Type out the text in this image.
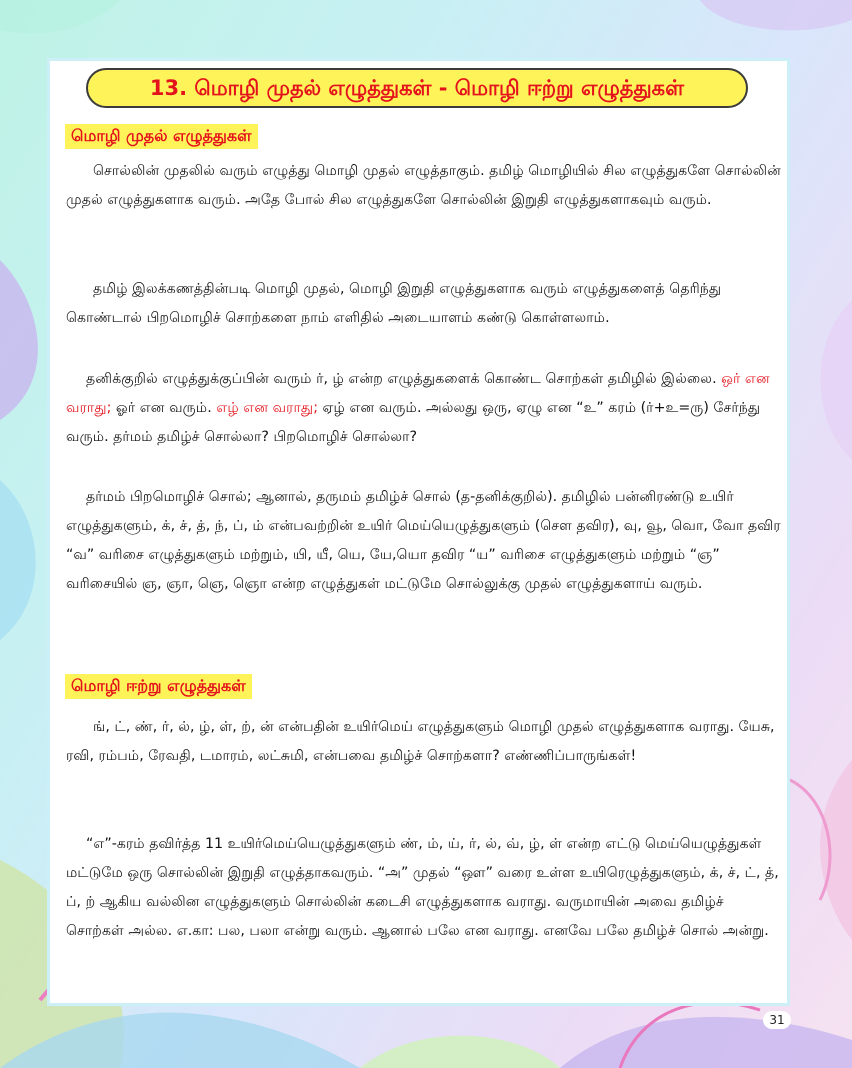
13. மொழி முதல் எழுத்துகள் - மொழி ஈற்று எழுத்துகள்
மொழி முதல் எழுத்துகள்

சொல்லின் முதலில் வரும் எழுத்து மொழி முதல் எழுத்தாகும். தமிழ் மொழியில் சில எழுத்துகளே சொல்லின் முதல் எழுத்துகளாக வரும். அதே போல் சில எழுத்துகளே சொல்லின் இறுதி எழுத்துகளாகவும் வரும்.

தமிழ் இலக்கணத்தின்படி மொழி முதல், மொழி இறுதி எழுத்துகளாக வரும் எழுத்துகளைத் தெரிந்து கொண்டால் பிறமொழிச் சொற்களை நாம் எளிதில் அடையாளம் கண்டு கொள்ளலாம்.

தனிக்குறில் எழுத்துக்குப்பின் வரும் ர், ழ் என்ற எழுத்துகளைக் கொண்ட சொற்கள் தமிழில் இல்லை. ஒர் என வராது; ஓர் என வரும். எழ் என வராது; ஏழ் என வரும். அல்லது ஒரு, ஏழு என “உ” கரம் (ர்+உ=ரு) சேர்ந்து வரும். தர்மம் தமிழ்ச் சொல்லா? பிறமொழிச் சொல்லா?

தர்மம் பிறமொழிச் சொல்; ஆனால், தருமம் தமிழ்ச் சொல் (த-தனிக்குறில்). தமிழில் பன்னிரண்டு உயிர் எழுத்துகளும், க், ச், த், ந், ப், ம் என்பவற்றின் உயிர் மெய்யெழுத்துகளும் (சௌ தவிர), வு, வூ, வொ, வோ தவிர “வ” வரிசை எழுத்துகளும் மற்றும், யி, யீ, யெ, யே,யொ தவிர “ய” வரிசை எழுத்துகளும் மற்றும் “ஞ” வரிசையில் ஞ, ஞா, ஞெ, ஞொ என்ற எழுத்துகள் மட்டுமே சொல்லுக்கு முதல் எழுத்துகளாய் வரும்.

மொழி ஈற்று எழுத்துகள்

ங், ட், ண், ர், ல், ழ், ள், ற், ன் என்பதின் உயிர்மெய் எழுத்துகளும் மொழி முதல் எழுத்துகளாக வராது. யேசு, ரவி, ரம்பம், ரேவதி, டமாரம், லட்சுமி, என்பவை தமிழ்ச் சொற்களா? எண்ணிப்பாருங்கள்!

“எ”-கரம் தவிர்த்த 11 உயிர்மெய்யெழுத்துகளும் ண், ம், ய், ர், ல், வ், ழ், ள் என்ற எட்டு மெய்யெழுத்துகள் மட்டுமே ஒரு சொல்லின் இறுதி எழுத்தாகவரும். “அ” முதல் “ஔ” வரை உள்ள உயிரெழுத்துகளும், க், ச், ட், த், ப், ற் ஆகிய வல்லின எழுத்துகளும் சொல்லின் கடைசி எழுத்துகளாக வராது. வருமாயின் அவை தமிழ்ச் சொற்கள் அல்ல. எ.கா: பல, பலா என்று வரும். ஆனால் பலே என வராது. எனவே பலே தமிழ்ச் சொல் அன்று.

31
